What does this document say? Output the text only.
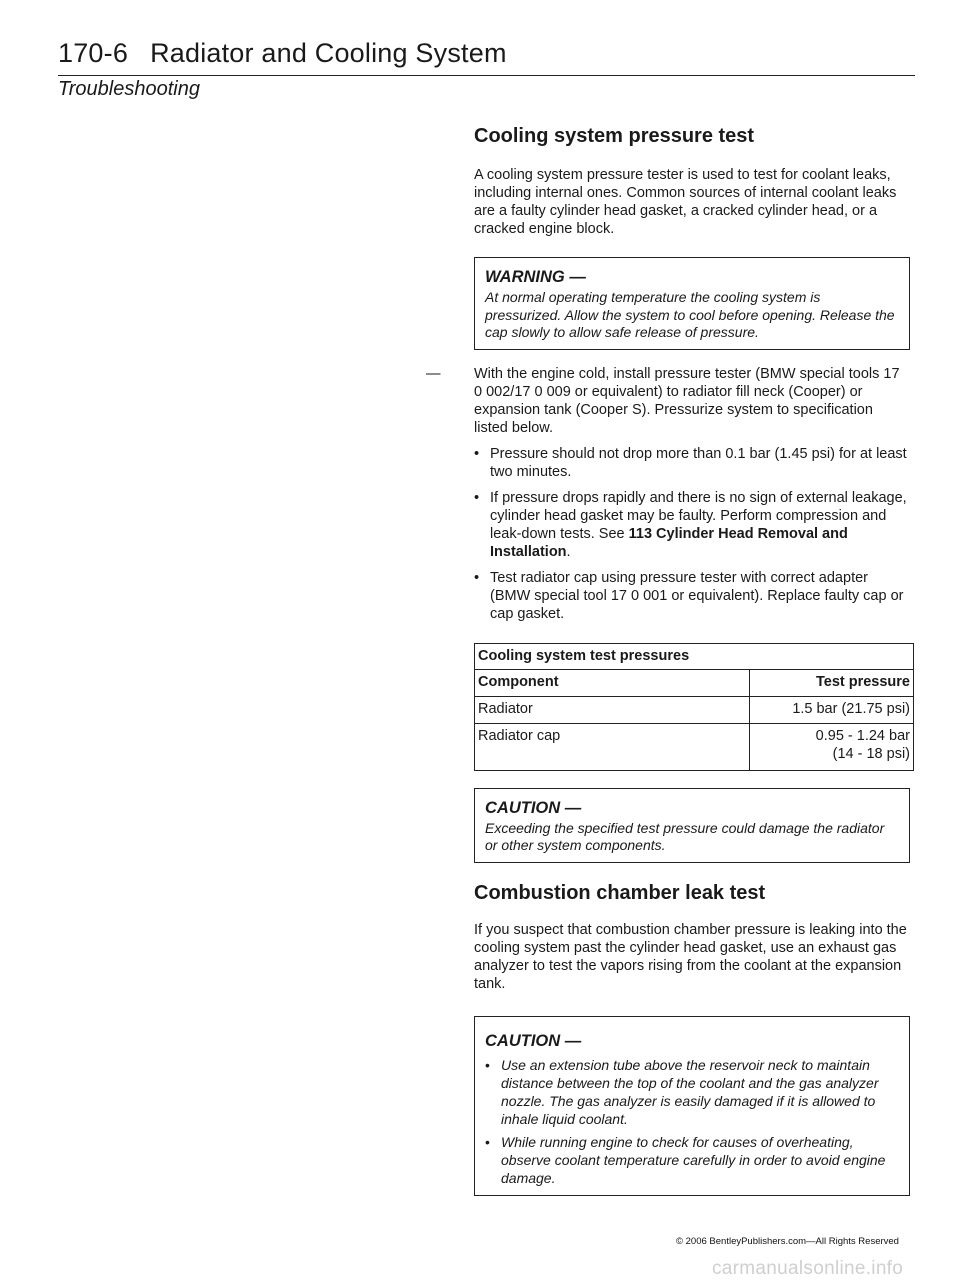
170-6 Radiator and Cooling System
Troubleshooting
Cooling system pressure test

A cooling system pressure tester is used to test for coolant leaks, including internal ones. Common sources of internal coolant leaks are a faulty cylinder head gasket, a cracked cylinder head, or a cracked engine block.

WARNING —
At normal operating temperature the cooling system is pressurized. Allow the system to cool before opening. Release the cap slowly to allow safe release of pressure.
— With the engine cold, install pressure tester (BMW special tools 17 0 002/17 0 009 or equivalent) to radiator fill neck (Cooper) or expansion tank (Cooper S). Pressurize system to specification listed below.

• Pressure should not drop more than 0.1 bar (1.45 psi) for at least two minutes.
• If pressure drops rapidly and there is no sign of external leakage, cylinder head gasket may be faulty. Perform compression and leak-down tests. See 113 Cylinder Head Removal and Installation.
• Test radiator cap using pressure tester with correct adapter (BMW special tool 17 0 001 or equivalent). Replace faulty cap or cap gasket.
Cooling system test pressures	
Component	Test pressure
Radiator	1.5 bar (21.75 psi)
Radiator cap	0.95 - 1.24 bar
(14 - 18 psi)
CAUTION —
Exceeding the specified test pressure could damage the radiator or other system components.
Combustion chamber leak test

If you suspect that combustion chamber pressure is leaking into the cooling system past the cylinder head gasket, use an exhaust gas analyzer to test the vapors rising from the coolant at the expansion tank.

CAUTION —
• Use an extension tube above the reservoir neck to maintain distance between the top of the coolant and the gas analyzer nozzle. The gas analyzer is easily damaged if it is allowed to inhale liquid coolant.
• While running engine to check for causes of overheating, observe coolant temperature carefully in order to avoid engine damage.
© 2006 BentleyPublishers.com—All Rights Reserved
carmanualsonline.info
